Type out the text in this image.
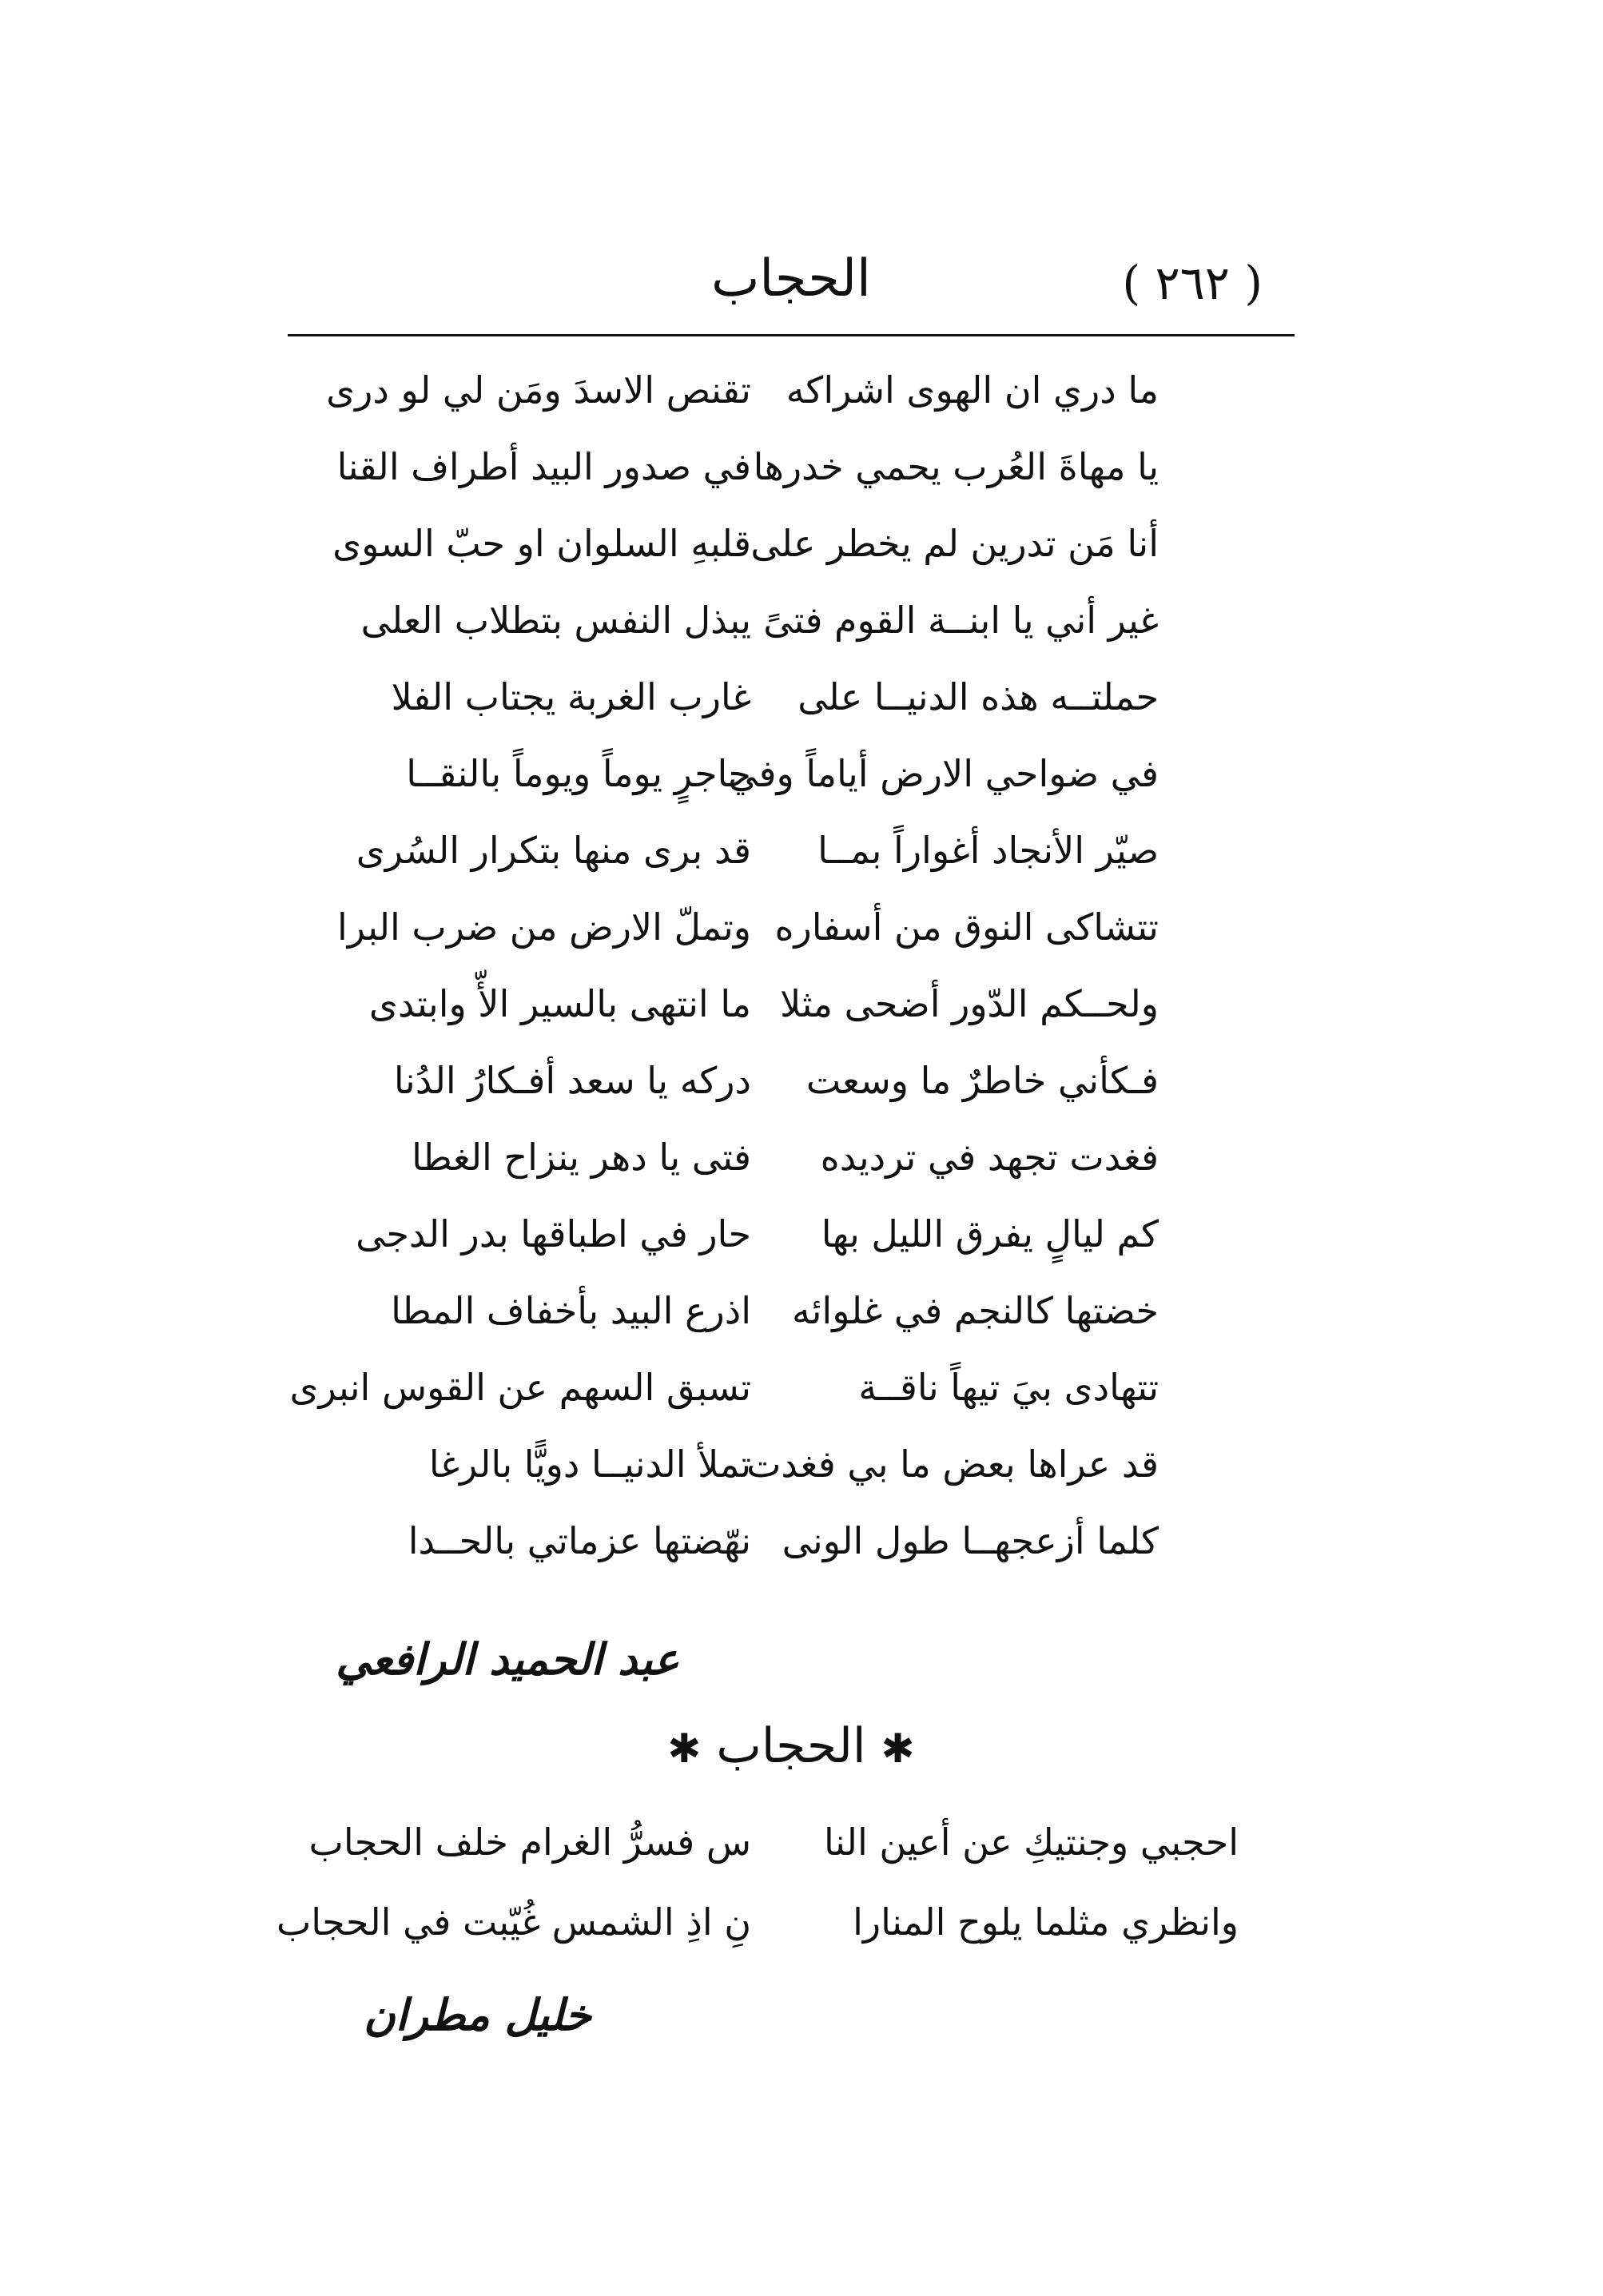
( ٢٦٢ )
الحجاب
ما دري ان الهوى اشراكه
تقنص الاسدَ ومَن لي لو درى
يا مهاةَ العُرب يحمي خدرها
في صدور البيد أطراف القنا
أنا مَن تدرين لم يخطر على
قلبهِ السلوان او حبّ السوى
غير أني يا ابنــة القوم فتىً
يبذل النفس بتطلاب العلى
حملتــه هذه الدنيــا على
غارب الغربة يجتاب الفلا
في ضواحي الارض أياماً وفي
حاجرٍ يوماً ويوماً بالنقــا
صيّر الأنجاد أغواراً بمــا
قد برى منها بتكرار السُرى
تتشاكى النوق من أسفاره
وتملّ الارض من ضرب البرا
ولحــكم الدّور أضحى مثلا
ما انتهى بالسير الأّ وابتدى
فـكأني خاطرٌ ما وسعت
دركه يا سعد أفـكارُ الدُنا
فغدت تجهد في ترديده
فتى يا دهر ينزاح الغطا
كم ليالٍ يفرق الليل بها
حار في اطباقها بدر الدجى
خضتها كالنجم في غلوائه
اذرع البيد بأخفاف المطا
تتهادى بيَ تيهاً ناقــة
تسبق السهم عن القوس انبرى
قد عراها بعض ما بي فغدت
تملأ الدنيــا دويًّا بالرغا
كلما أزعجهــا طول الونى
نهّضتها عزماتي بالحــدا
عبد الحميد الرافعي
✱ الحجاب ✱
احجبي وجنتيكِ عن أعين النا
س فسرُّ الغرام خلف الحجاب
وانظري مثلما يلوح المنارا
نِ اذِ الشمس غُيّبت في الحجاب
خليل مطران
